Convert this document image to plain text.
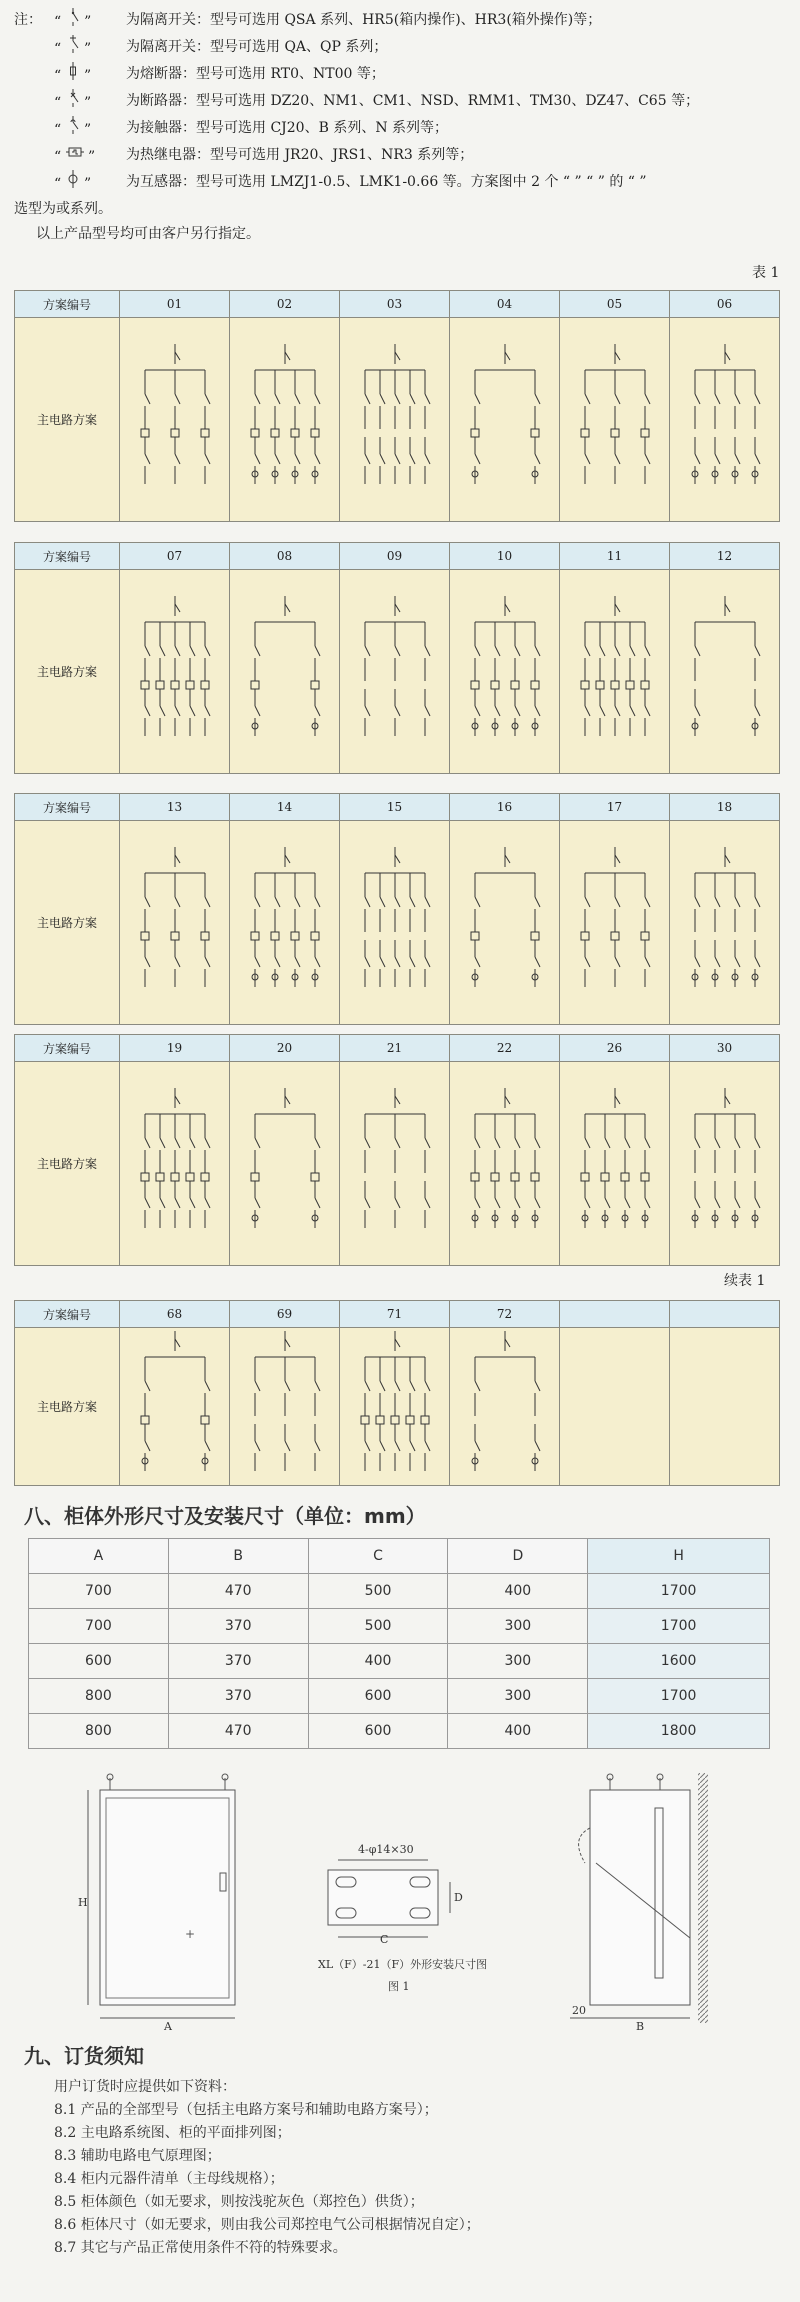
注： “  ”	为隔离开关：型号可选用 QSA 系列、HR5(箱内操作)、HR3(箱外操作)等；
“  ”	为隔离开关：型号可选用 QA、QP 系列；
“  ”	为熔断器：型号可选用 RT0、NT00 等；
“  ”	为断路器：型号可选用 DZ20、NM1、CM1、NSD、RMM1、TM30、DZ47、C65 等；
“  ”	为接触器：型号可选用 CJ20、B 系列、N 系列等；
“  ”	为热继电器：型号可选用 JR20、JRS1、NR3 系列等；
“  ”	为互感器：型号可选用 LMZJ1-0.5、LMK1-0.66 等。方案图中 2 个 “ ” “ ” 的 “ ”
选型为或系列。
以上产品型号均可由客户另行指定。
表 1
方案编号	01	02	03	04	05	06
主电路方案
方案编号	07	08	09	10	11	12
主电路方案
方案编号	13	14	15	16	17	18
主电路方案
方案编号	19	20	21	22	26	30
主电路方案
续表 1
方案编号	68	69	71	72
主电路方案
八、柜体外形尺寸及安装尺寸（单位：mm）
A	B	C	D	H
700	470	500	400	1700
700	370	500	300	1700
600	370	400	300	1600
800	370	600	300	1700
800	470	600	400	1800
+
H
A
4-φ14×30
C
D
XL（F）-21（F）外形安装尺寸图
图 1
20
B
九、订货须知
用户订货时应提供如下资料：
8.1 产品的全部型号（包括主电路方案号和辅助电路方案号）；
8.2 主电路系统图、柜的平面排列图；
8.3 辅助电路电气原理图；
8.4 柜内元器件清单（主母线规格）；
8.5 柜体颜色（如无要求，则按浅驼灰色（郑控色）供货）；
8.6 柜体尺寸（如无要求，则由我公司郑控电气公司根据情况自定）；
8.7 其它与产品正常使用条件不符的特殊要求。
